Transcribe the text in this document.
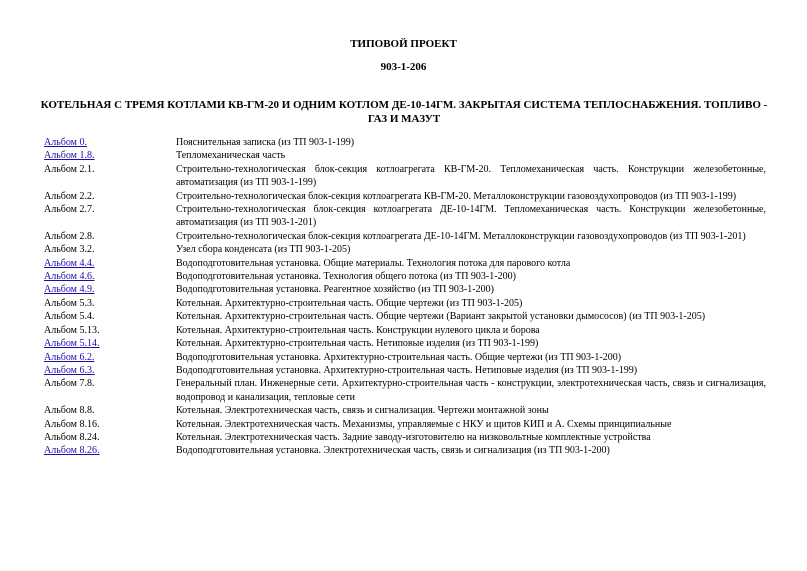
ТИПОВОЙ ПРОЕКТ
903-1-206
КОТЕЛЬНАЯ С ТРЕМЯ КОТЛАМИ КВ-ГМ-20 И ОДНИМ КОТЛОМ ДЕ-10-14ГМ. ЗАКРЫТАЯ СИСТЕМА ТЕПЛОСНАБЖЕНИЯ. ТОПЛИВО - ГАЗ И МАЗУТ
Альбом 0.	Пояснительная записка (из ТП 903-1-199)
Альбом 1.8.	Тепломеханическая часть
Альбом 2.1.	Строительно-технологическая блок-секция котлоагрегата КВ-ГМ-20. Тепломеханическая часть. Конструкции железобетонные, автоматизация (из ТП 903-1-199)
Альбом 2.2.	Строительно-технологическая блок-секция котлоагрегата КВ-ГМ-20. Металлоконструкции газовоздухопроводов (из ТП 903-1-199)
Альбом 2.7.	Строительно-технологическая блок-секция котлоагрегата ДЕ-10-14ГМ. Тепломеханическая часть. Конструкции железобетонные, автоматизация (из ТП 903-1-201)
Альбом 2.8.	Строительно-технологическая блок-секция котлоагрегата ДЕ-10-14ГМ. Металлоконструкции газовоздухопроводов (из ТП 903-1-201)
Альбом 3.2.	Узел сбора конденсата (из ТП 903-1-205)
Альбом 4.4.	Водоподготовительная установка. Общие материалы. Технология потока для парового котла
Альбом 4.6.	Водоподготовительная установка. Технология общего потока (из ТП 903-1-200)
Альбом 4.9.	Водоподготовительная установка. Реагентное хозяйство (из ТП 903-1-200)
Альбом 5.3.	Котельная. Архитектурно-строительная часть. Общие чертежи (из ТП 903-1-205)
Альбом 5.4.	Котельная. Архитектурно-строительная часть. Общие чертежи (Вариант закрытой установки дымососов) (из ТП 903-1-205)
Альбом 5.13.	Котельная. Архитектурно-строительная часть. Конструкции нулевого цикла и борова
Альбом 5.14.	Котельная. Архитектурно-строительная часть. Нетиповые изделия (из ТП 903-1-199)
Альбом 6.2.	Водоподготовительная установка. Архитектурно-строительная часть. Общие чертежи (из ТП 903-1-200)
Альбом 6.3.	Водоподготовительная установка. Архитектурно-строительная часть. Нетиповые изделия (из ТП 903-1-199)
Альбом 7.8.	Генеральный план. Инженерные сети. Архитектурно-строительная часть - конструкции, электротехническая часть, связь и сигнализация, водопровод и канализация, тепловые сети
Альбом 8.8.	Котельная. Электротехническая часть, связь и сигнализация. Чертежи монтажной зоны
Альбом 8.16.	Котельная. Электротехническая часть. Механизмы, управляемые с НКУ и щитов КИП и А. Схемы принципиальные
Альбом 8.24.	Котельная. Электротехническая часть. Задние заводу-изготовителю на низковольтные комплектные устройства
Альбом 8.26.	Водоподготовительная установка. Электротехническая часть, связь и сигнализация (из ТП 903-1-200)
